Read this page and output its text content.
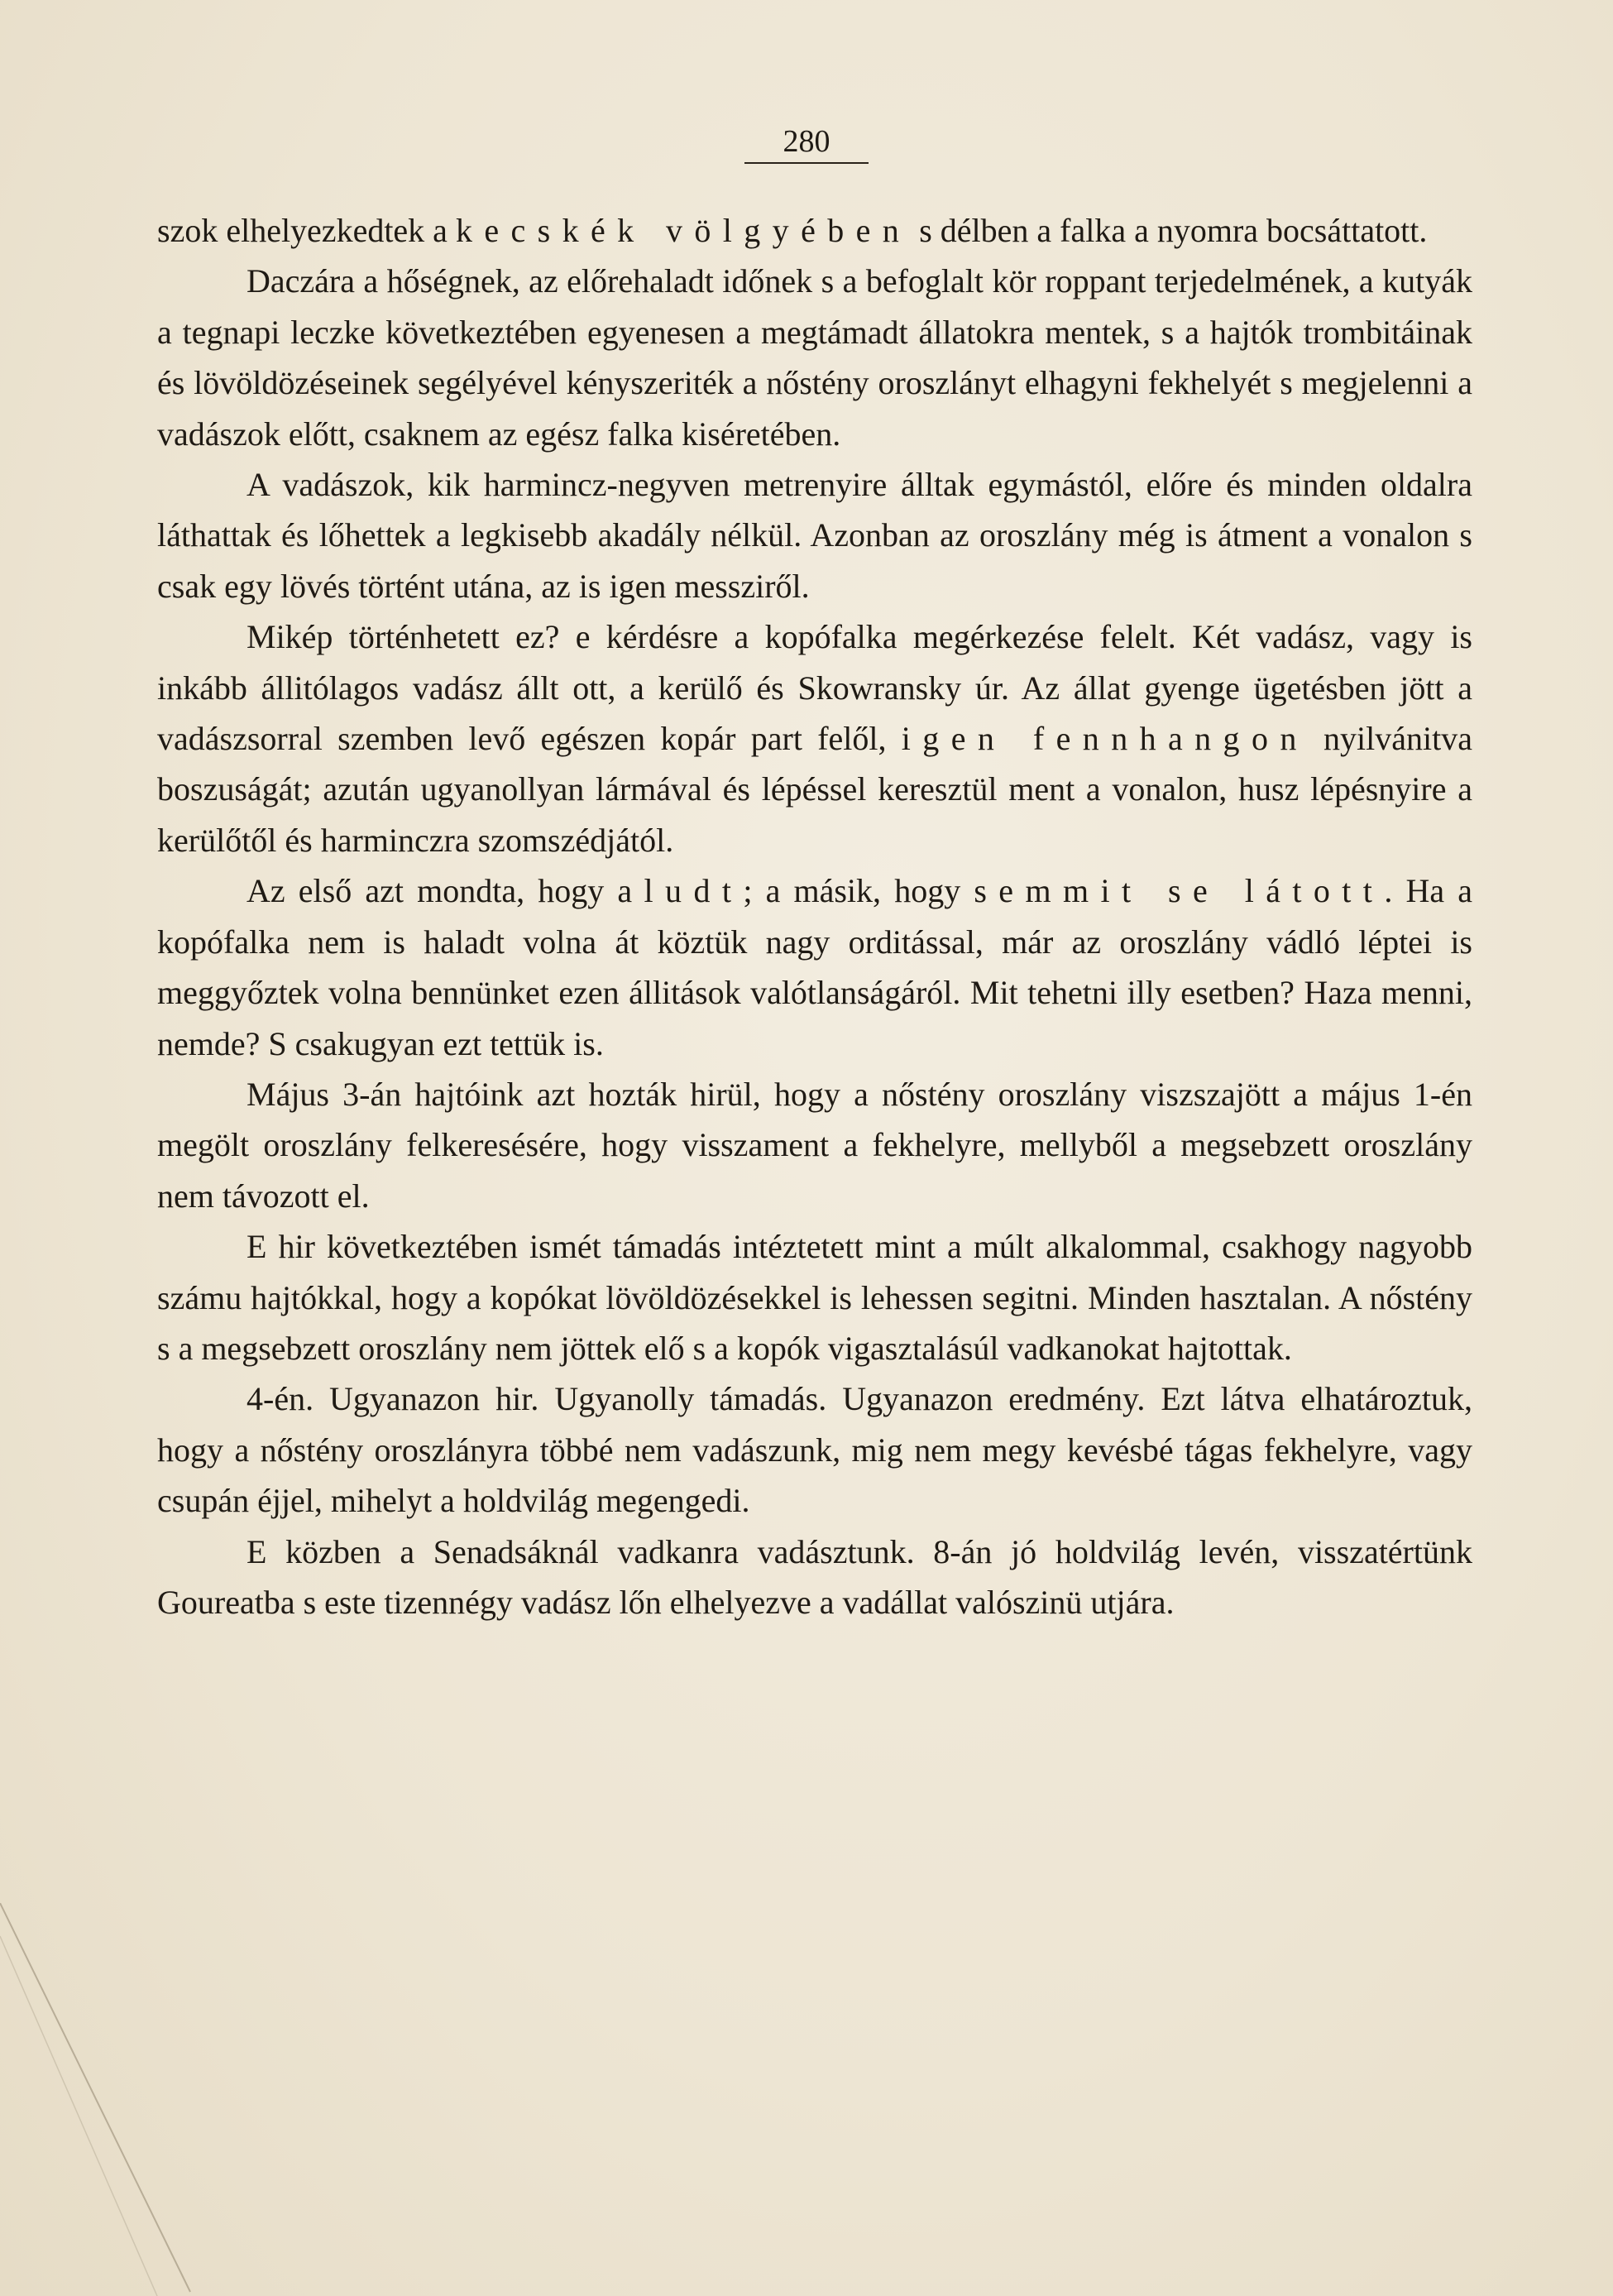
280

szok elhelyezkedtek a kecskék völgyében s délben a falka a nyomra bocsáttatott.

Daczára a hőségnek, az előrehaladt időnek s a befoglalt kör roppant terjedelmének, a kutyák a tegnapi leczke következtében egyenesen a megtámadt állatokra mentek, s a hajtók trombitáinak és lövöldözéseinek segélyével kényszeriték a nőstény oroszlányt elhagyni fekhelyét s megjelenni a vadászok előtt, csaknem az egész falka kiséretében.

A vadászok, kik harmincz-negyven metrenyire álltak egymástól, előre és minden oldalra láthattak és lőhettek a legkisebb akadály nélkül. Azonban az oroszlány még is átment a vonalon s csak egy lövés történt utána, az is igen messziről.

Mikép történhetett ez? e kérdésre a kopófalka megérkezése felelt. Két vadász, vagy is inkább állitólagos vadász állt ott, a kerülő és Skowransky úr. Az állat gyenge ügetésben jött a vadászsorral szemben levő egészen kopár part felől, igen fennhangon nyilvánitva boszuságát; azután ugyanollyan lármával és lépéssel keresztül ment a vonalon, husz lépésnyire a kerülőtől és harminczra szomszédjától.

Az első azt mondta, hogy aludt; a másik, hogy semmit se látott. Ha a kopófalka nem is haladt volna át köztük nagy orditással, már az oroszlány vádló léptei is meggyőztek volna bennünket ezen állitások valótlanságáról. Mit tehetni illy esetben? Haza menni, nemde? S csakugyan ezt tettük is.

Május 3-án hajtóink azt hozták hirül, hogy a nőstény oroszlány viszszajött a május 1-én megölt oroszlány felkeresésére, hogy visszament a fekhelyre, mellyből a megsebzett oroszlány nem távozott el.

E hir következtében ismét támadás intéztetett mint a múlt alkalommal, csakhogy nagyobb számu hajtókkal, hogy a kopókat lövöldözésekkel is lehessen segitni. Minden hasztalan. A nőstény s a megsebzett oroszlány nem jöttek elő s a kopók vigasztalásúl vadkanokat hajtottak.

4-én. Ugyanazon hir. Ugyanolly támadás. Ugyanazon eredmény. Ezt látva elhatároztuk, hogy a nőstény oroszlányra többé nem vadászunk, mig nem megy kevésbé tágas fekhelyre, vagy csupán éjjel, mihelyt a holdvilág megengedi.

E közben a Senadsáknál vadkanra vadásztunk. 8-án jó holdvilág levén, visszatértünk Goureatba s este tizennégy vadász lőn elhelyezve a vadállat valószinü utjára.
